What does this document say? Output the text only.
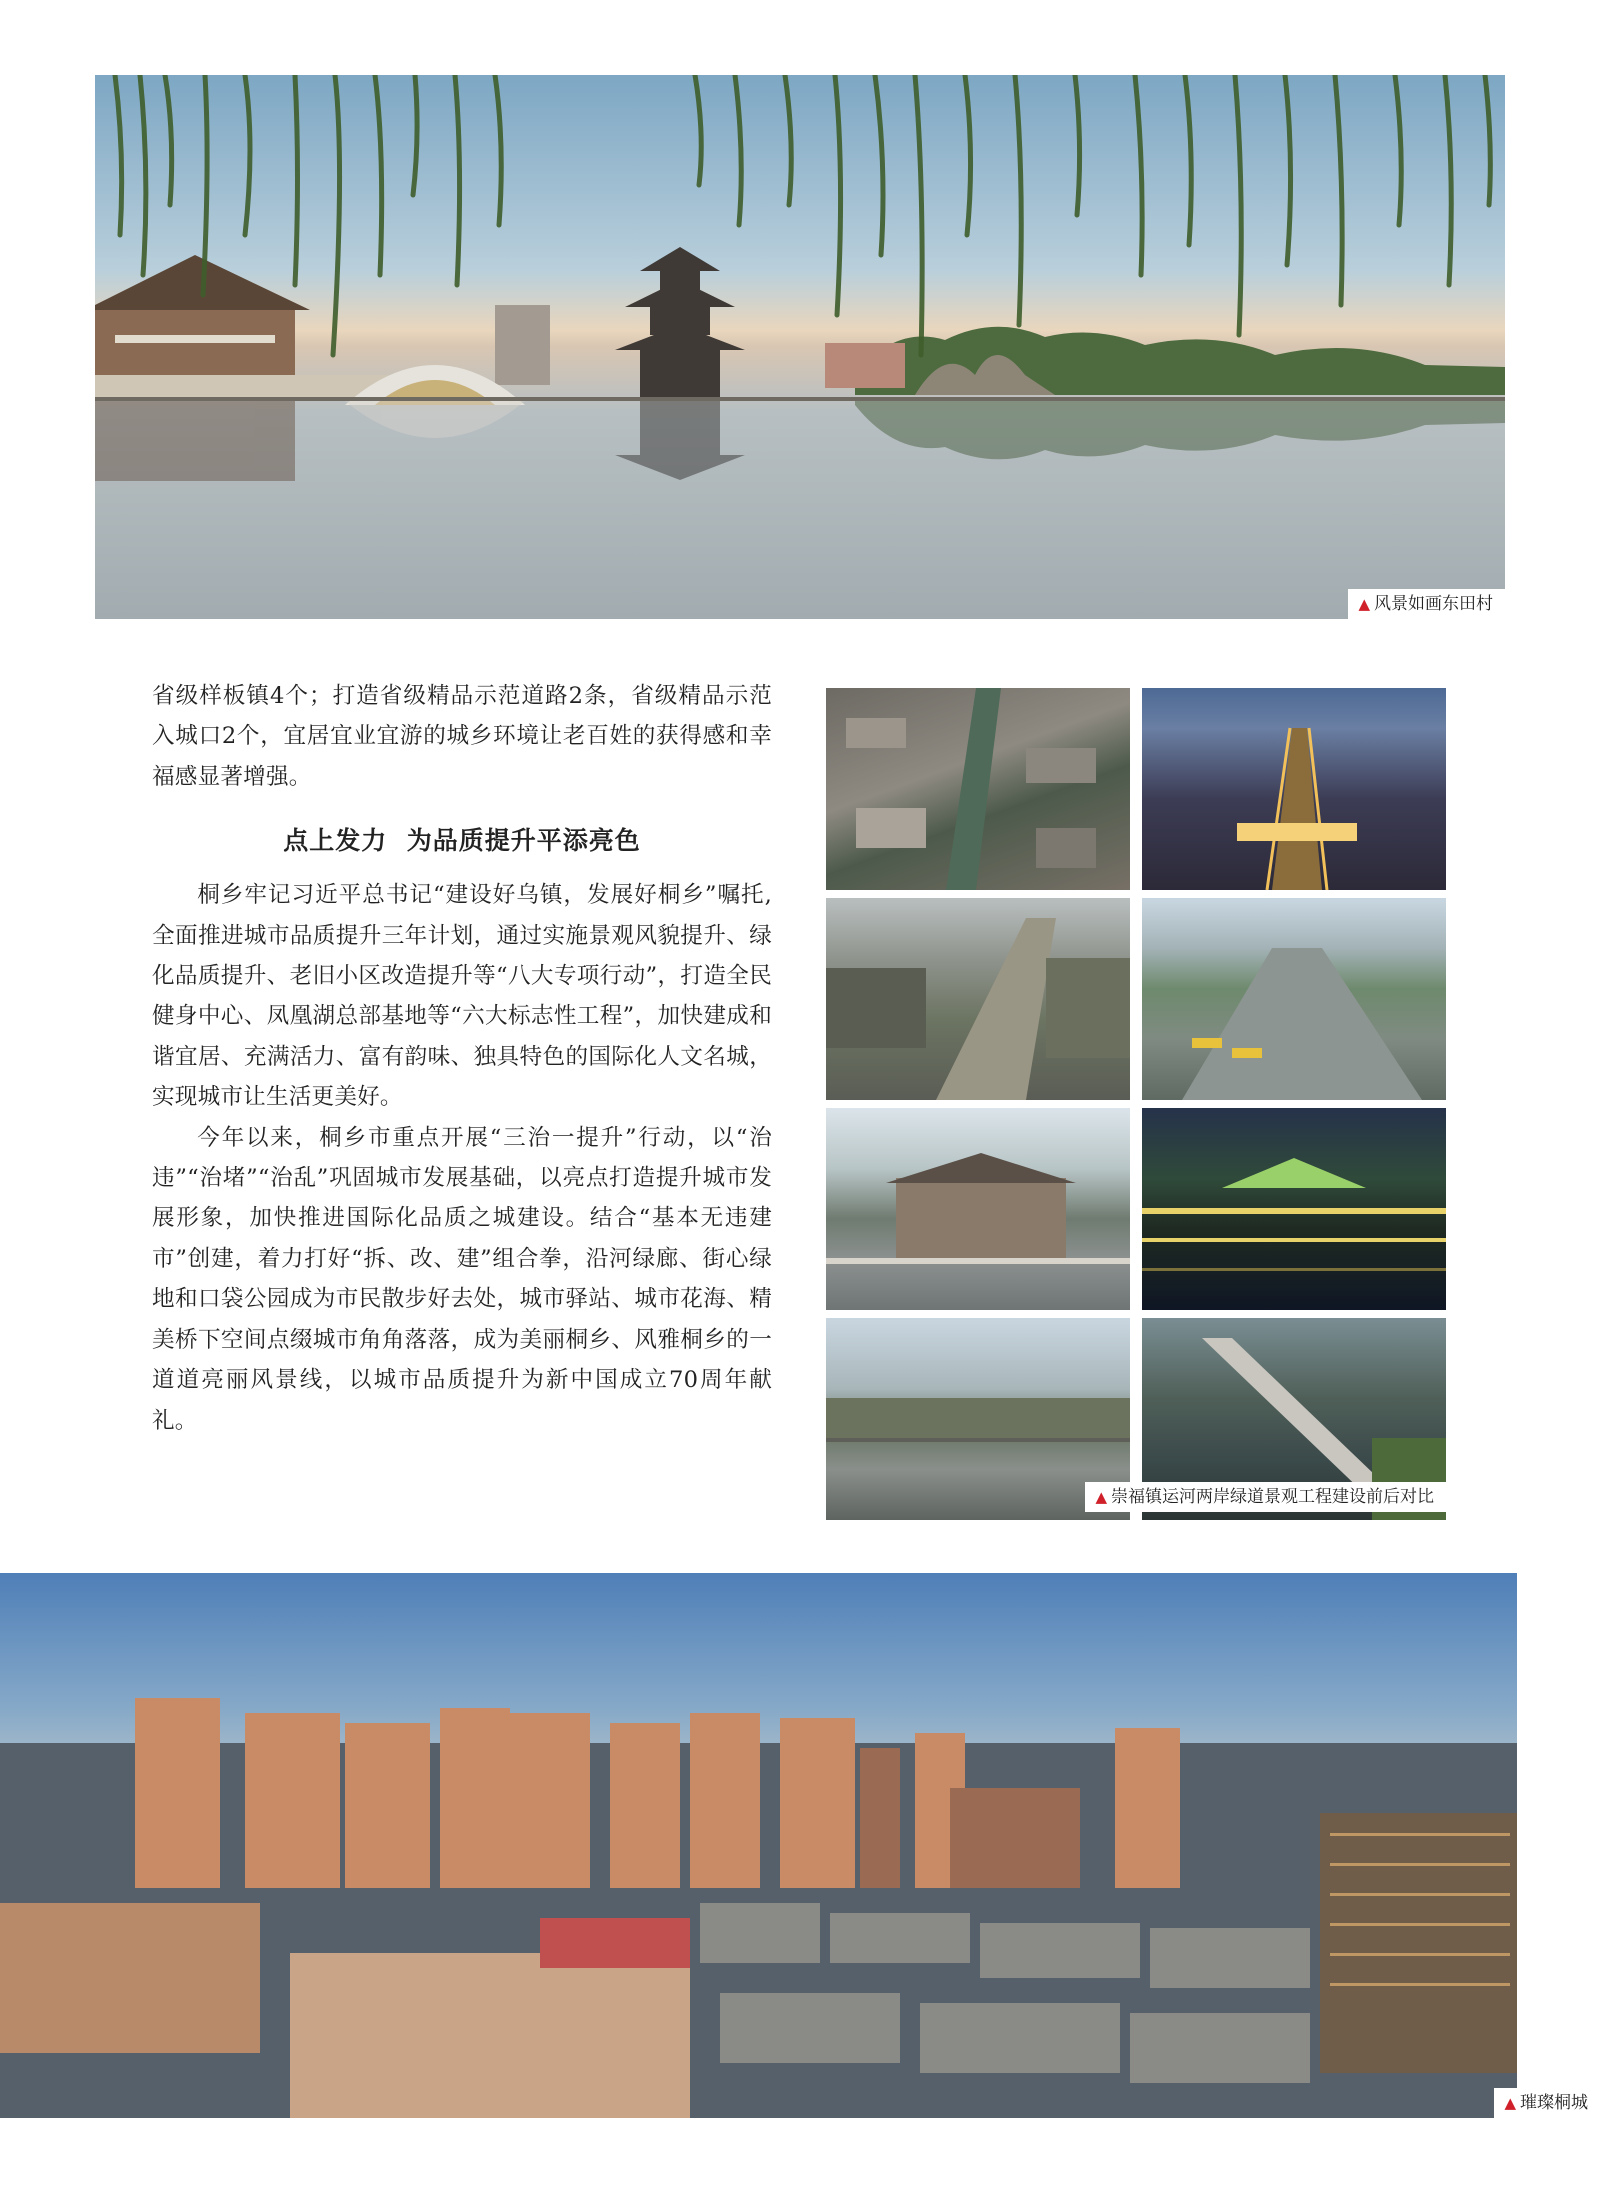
▲ 风景如画东田村

省级样板镇4个；打造省级精品示范道路2条，省级精品示范入城口2个，宜居宜业宜游的城乡环境让老百姓的获得感和幸福感显著增强。

点上发力  为品质提升平添亮色

桐乡牢记习近平总书记“建设好乌镇，发展好桐乡”嘱托,全面推进城市品质提升三年计划，通过实施景观风貌提升、绿化品质提升、老旧小区改造提升等“八大专项行动”，打造全民健身中心、凤凰湖总部基地等“六大标志性工程”，加快建成和谐宜居、充满活力、富有韵味、独具特色的国际化人文名城，实现城市让生活更美好。

今年以来，桐乡市重点开展“三治一提升”行动，以“治违”“治堵”“治乱”巩固城市发展基础，以亮点打造提升城市发展形象，加快推进国际化品质之城建设。结合“基本无违建市”创建，着力打好“拆、改、建”组合拳，沿河绿廊、街心绿地和口袋公园成为市民散步好去处，城市驿站、城市花海、精美桥下空间点缀城市角角落落，成为美丽桐乡、风雅桐乡的一道道亮丽风景线，以城市品质提升为新中国成立70周年献礼。

▲ 崇福镇运河两岸绿道景观工程建设前后对比
▲ 璀璨桐城
